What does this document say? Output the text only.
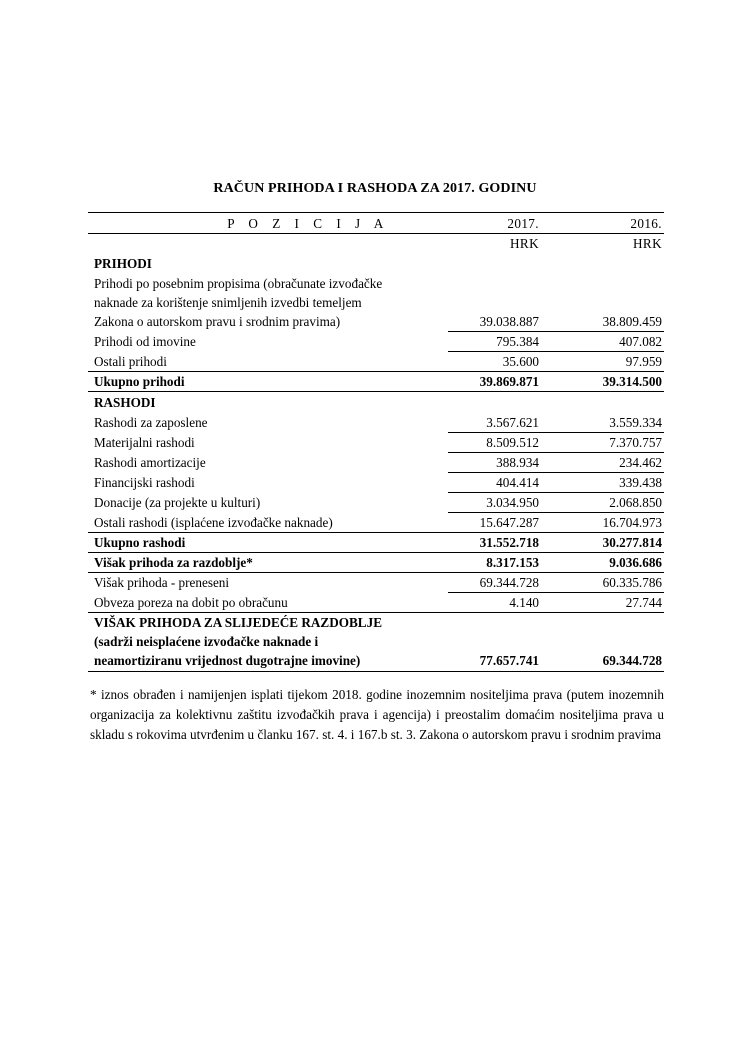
RAČUN PRIHODA I RASHODA ZA 2017. GODINU
P O Z I C I J A	2017.	2016.
HRK	HRK
PRIHODI
Prihodi po posebnim propisima (obračunate izvođačke
naknade za korištenje snimljenih izvedbi temeljem
Zakona o autorskom pravu i srodnim pravima)	39.038.887	38.809.459
Prihodi od imovine	795.384	407.082
Ostali prihodi	35.600	97.959
Ukupno prihodi	39.869.871	39.314.500
RASHODI
Rashodi za zaposlene	3.567.621	3.559.334
Materijalni rashodi	8.509.512	7.370.757
Rashodi amortizacije	388.934	234.462
Financijski rashodi	404.414	339.438
Donacije (za projekte u kulturi)	3.034.950	2.068.850
Ostali rashodi (isplaćene izvođačke naknade)	15.647.287	16.704.973
Ukupno rashodi	31.552.718	30.277.814
Višak prihoda za razdoblje*	8.317.153	9.036.686
Višak prihoda - preneseni	69.344.728	60.335.786
Obveza poreza na dobit po obračunu	4.140	27.744
VIŠAK PRIHODA ZA SLIJEDEĆE RAZDOBLJE
(sadrži neisplaćene izvođačke naknade i
neamortiziranu vrijednost dugotrajne imovine)	77.657.741	69.344.728
* iznos obrađen i namijenjen isplati tijekom 2018. godine inozemnim nositeljima prava (putem inozemnih organizacija za kolektivnu zaštitu izvođačkih prava i agencija) i preostalim domaćim nositeljima prava u skladu s rokovima utvrđenim u članku 167. st. 4. i 167.b st. 3. Zakona o autorskom pravu i srodnim pravima
